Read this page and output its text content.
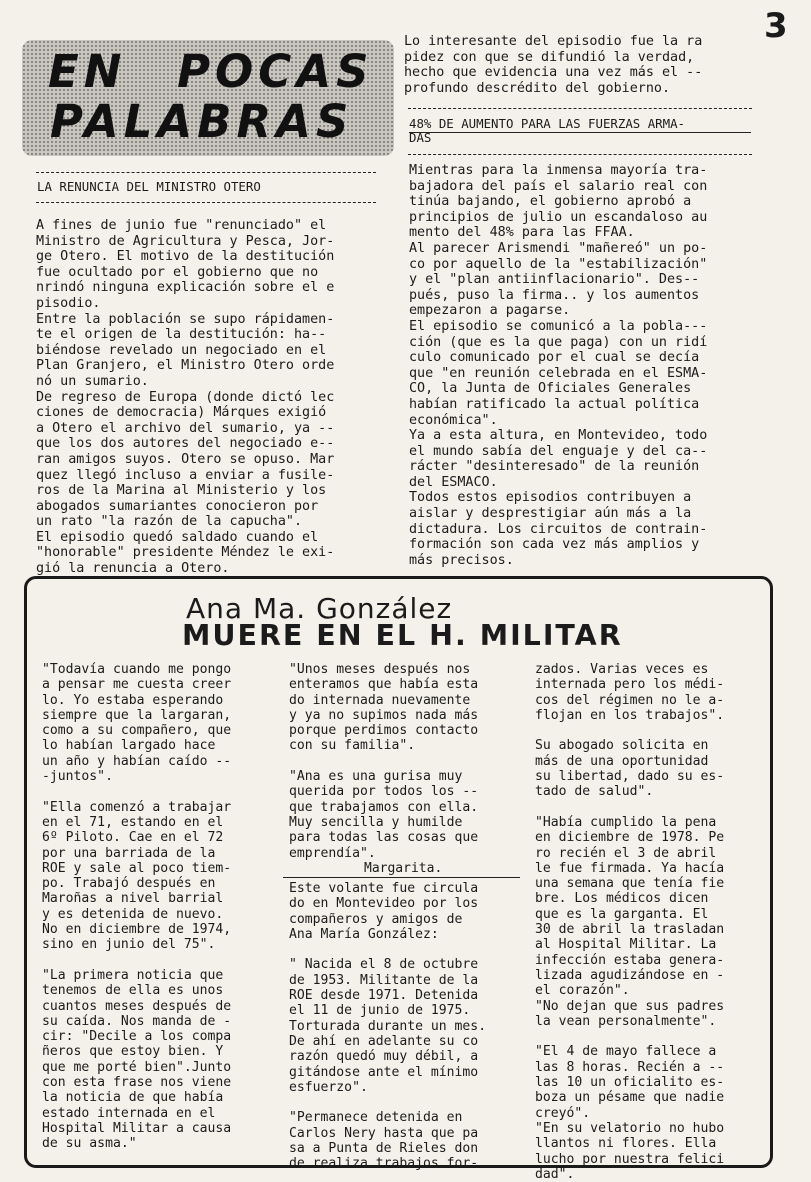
3
EN POCAS
PALABRAS
Lo interesante del episodio fue la ra
pidez con que se difundió la verdad,
hecho que evidencia una vez más el --
profundo descrédito del gobierno.
48% DE AUMENTO PARA LAS FUERZAS ARMA-
DAS
Mientras para la inmensa mayoría tra-
bajadora del país el salario real con
tinúa bajando, el gobierno aprobó a
principios de julio un escandaloso au
mento del 48% para las FFAA.
Al parecer Arismendi "mañereó" un po-
co por aquello de la "estabilización"
y el "plan antiinflacionario". Des--
pués, puso la firma.. y los aumentos
empezaron a pagarse.
El episodio se comunicó a la pobla---
ción (que es la que paga) con un ridí
culo comunicado por el cual se decía
que "en reunión celebrada en el ESMA-
CO, la Junta de Oficiales Generales
habían ratificado la actual política
económica".
Ya a esta altura, en Montevideo, todo
el mundo sabía del enguaje y del ca--
rácter "desinteresado" de la reunión
del ESMACO.
Todos estos episodios contribuyen a
aislar y desprestigiar aún más a la
dictadura. Los circuitos de contrain-
formación son cada vez más amplios y
más precisos.
LA RENUNCIA DEL MINISTRO OTERO
A fines de junio fue "renunciado" el
Ministro de Agricultura y Pesca, Jor-
ge Otero. El motivo de la destitución
fue ocultado por el gobierno que no
nrindó ninguna explicación sobre el e
pisodio.
Entre la población se supo rápidamen-
te el origen de la destitución: ha--
biéndose revelado un negociado en el
Plan Granjero, el Ministro Otero orde
nó un sumario.
De regreso de Europa (donde dictó lec
ciones de democracia) Márques exigió
a Otero el archivo del sumario, ya --
que los dos autores del negociado e--
ran amigos suyos. Otero se opuso. Mar
quez llegó incluso a enviar a fusile-
ros de la Marina al Ministerio y los
abogados sumariantes conocieron por
un rato "la razón de la capucha".
El episodio quedó saldado cuando el
"honorable" presidente Méndez le exi-
gió la renuncia a Otero.
Ana Ma. González
MUERE EN EL H. MILITAR
"Todavía cuando me pongo
a pensar me cuesta creer
lo. Yo estaba esperando
siempre que la largaran,
como a su compañero, que
lo habían largado hace
un año y habían caído --
-juntos".

"Ella comenzó a trabajar
en el 71, estando en el
6º Piloto. Cae en el 72
por una barriada de la
ROE y sale al poco tiem-
po. Trabajó después en
Maroñas a nivel barrial
y es detenida de nuevo.
No en diciembre de 1974,
sino en junio del 75".

"La primera noticia que
tenemos de ella es unos
cuantos meses después de
su caída. Nos manda de -
cir: "Decile a los compa
ñeros que estoy bien. Y
que me porté bien".Junto
con esta frase nos viene
la noticia de que había
estado internada en el
Hospital Militar a causa
de su asma."
"Unos meses después nos
enteramos que había esta
do internada nuevamente
y ya no supimos nada más
porque perdimos contacto
con su familia".

"Ana es una gurisa muy
querida por todos los --
que trabajamos con ella.
Muy sencilla y humilde
para todas las cosas que
emprendía".
Margarita.
Este volante fue circula
do en Montevideo por los
compañeros y amigos de
Ana María González:

" Nacida el 8 de octubre
de 1953. Militante de la
ROE desde 1971. Detenida
el 11 de junio de 1975.
Torturada durante un mes.
De ahí en adelante su co
razón quedó muy débil, a
gitándose ante el mínimo
esfuerzo".

"Permanece detenida en
Carlos Nery hasta que pa
sa a Punta de Rieles don
de realiza trabajos for-
zados. Varias veces es
internada pero los médi-
cos del régimen no le a-
flojan en los trabajos".

Su abogado solicita en
más de una oportunidad
su libertad, dado su es-
tado de salud".

"Había cumplido la pena
en diciembre de 1978. Pe
ro recién el 3 de abril
le fue firmada. Ya hacía
una semana que tenía fie
bre. Los médicos dicen
que es la garganta. El
30 de abril la trasladan
al Hospital Militar. La
infección estaba genera-
lizada agudizándose en -
el corazón".
"No dejan que sus padres
la vean personalmente".

"El 4 de mayo fallece a
las 8 horas. Recién a --
las 10 un oficialito es-
boza un pésame que nadie
creyó".
"En su velatorio no hubo
llantos ni flores. Ella
lucho por nuestra felici
dad".
